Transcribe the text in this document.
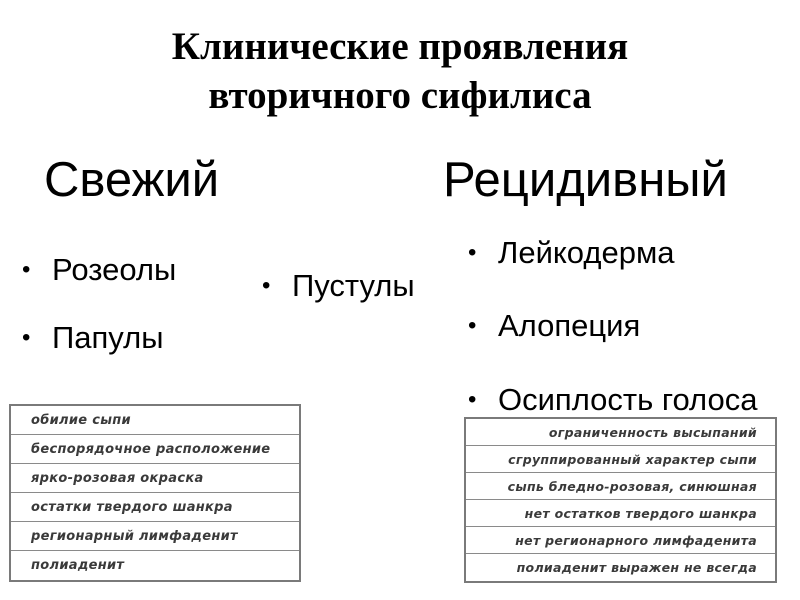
Клинические проявления
вторичного сифилиса
Свежий	Рецидивный
• Розеолы
• Папулы
• Пустулы
• Лейкодерма
• Алопеция
• Осиплость голоса
обилие сыпи
беспорядочное расположение
ярко-розовая окраска
остатки твердого шанкра
регионарный лимфаденит
полиаденит
ограниченность высыпаний
сгруппированный характер сыпи
сыпь бледно-розовая, синюшная
нет остатков твердого шанкра
нет регионарного лимфаденита
полиаденит выражен не всегда
